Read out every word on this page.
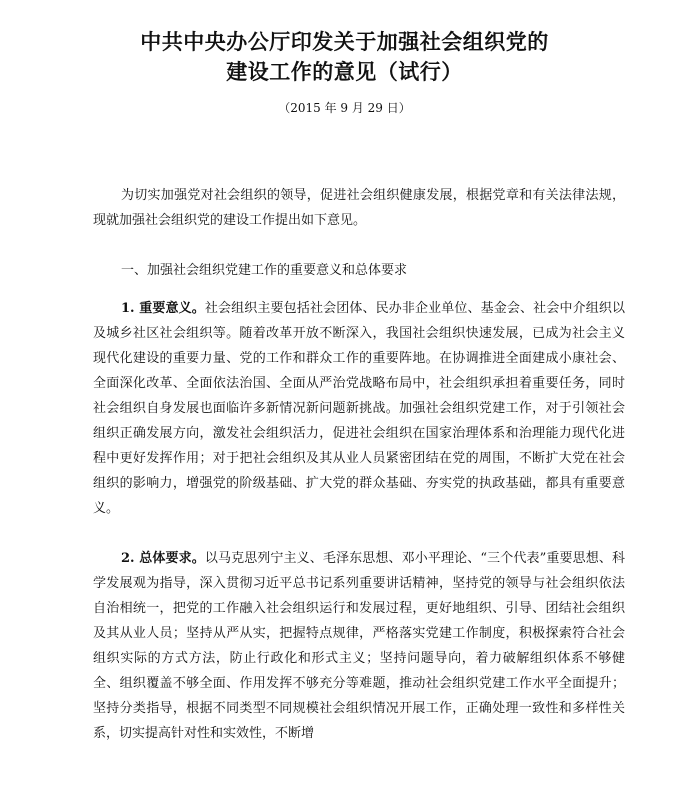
中共中央办公厅印发关于加强社会组织党的
建设工作的意见（试行）
（2015 年 9 月 29 日）
为切实加强党对社会组织的领导，促进社会组织健康发展，根据党章和有关法律法规，现就加强社会组织党的建设工作提出如下意见。
一、加强社会组织党建工作的重要意义和总体要求
1. 重要意义。社会组织主要包括社会团体、民办非企业单位、基金会、社会中介组织以及城乡社区社会组织等。随着改革开放不断深入，我国社会组织快速发展，已成为社会主义现代化建设的重要力量、党的工作和群众工作的重要阵地。在协调推进全面建成小康社会、全面深化改革、全面依法治国、全面从严治党战略布局中，社会组织承担着重要任务，同时社会组织自身发展也面临许多新情况新问题新挑战。加强社会组织党建工作，对于引领社会组织正确发展方向，激发社会组织活力，促进社会组织在国家治理体系和治理能力现代化进程中更好发挥作用；对于把社会组织及其从业人员紧密团结在党的周围，不断扩大党在社会组织的影响力，增强党的阶级基础、扩大党的群众基础、夯实党的执政基础，都具有重要意义。
2. 总体要求。以马克思列宁主义、毛泽东思想、邓小平理论、“三个代表”重要思想、科学发展观为指导，深入贯彻习近平总书记系列重要讲话精神，坚持党的领导与社会组织依法自治相统一，把党的工作融入社会组织运行和发展过程，更好地组织、引导、团结社会组织及其从业人员；坚持从严从实，把握特点规律，严格落实党建工作制度，积极探索符合社会组织实际的方式方法，防止行政化和形式主义；坚持问题导向，着力破解组织体系不够健全、组织覆盖不够全面、作用发挥不够充分等难题，推动社会组织党建工作水平全面提升；坚持分类指导，根据不同类型不同规模社会组织情况开展工作，正确处理一致性和多样性关系，切实提高针对性和实效性，不断增
